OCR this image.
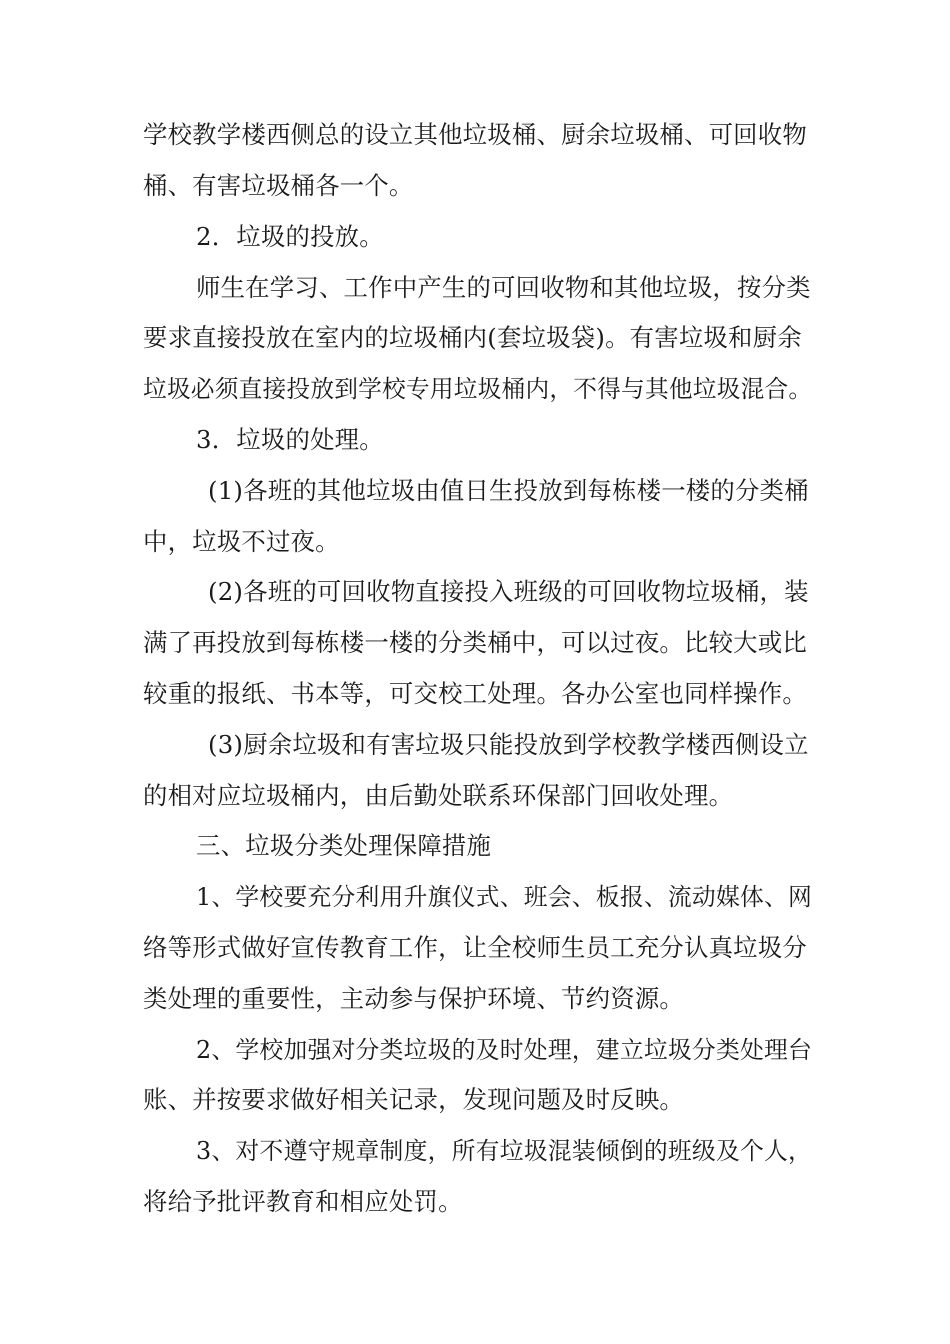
学校教学楼西侧总的设立其他垃圾桶、厨余垃圾桶、可回收物

桶、有害垃圾桶各一个。

2．垃圾的投放。

师生在学习、工作中产生的可回收物和其他垃圾，按分类

要求直接投放在室内的垃圾桶内(套垃圾袋)。有害垃圾和厨余

垃圾必须直接投放到学校专用垃圾桶内，不得与其他垃圾混合。

3．垃圾的处理。

(1)各班的其他垃圾由值日生投放到每栋楼一楼的分类桶

中，垃圾不过夜。

(2)各班的可回收物直接投入班级的可回收物垃圾桶，装

满了再投放到每栋楼一楼的分类桶中，可以过夜。比较大或比

较重的报纸、书本等，可交校工处理。各办公室也同样操作。

(3)厨余垃圾和有害垃圾只能投放到学校教学楼西侧设立

的相对应垃圾桶内，由后勤处联系环保部门回收处理。

三、垃圾分类处理保障措施

1、学校要充分利用升旗仪式、班会、板报、流动媒体、网

络等形式做好宣传教育工作，让全校师生员工充分认真垃圾分

类处理的重要性，主动参与保护环境、节约资源。

2、学校加强对分类垃圾的及时处理，建立垃圾分类处理台

账、并按要求做好相关记录，发现问题及时反映。

3、对不遵守规章制度，所有垃圾混装倾倒的班级及个人，

将给予批评教育和相应处罚。
